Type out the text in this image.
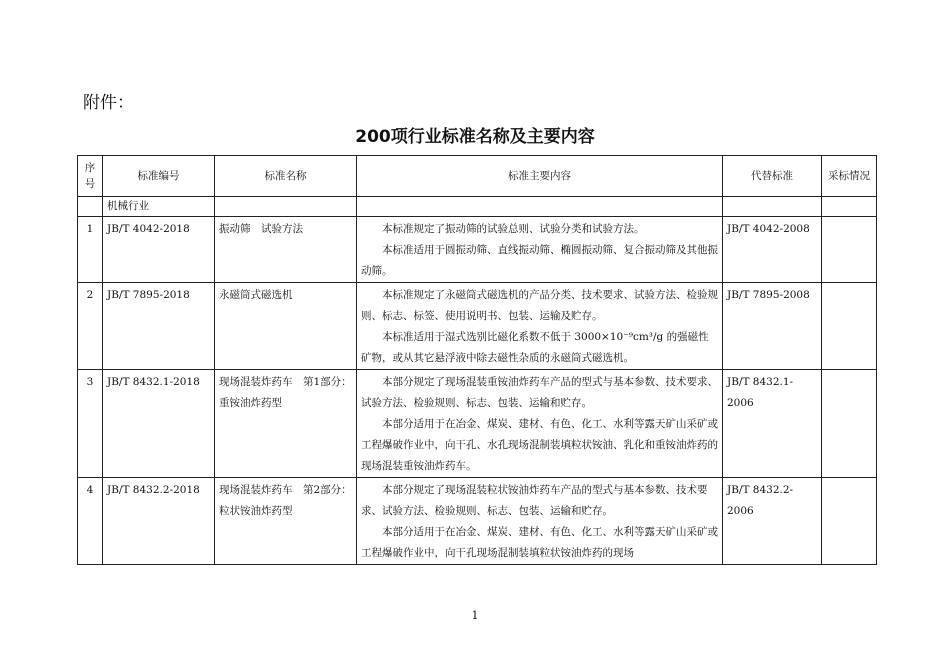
附件：
200项行业标准名称及主要内容
序号	标准编号	标准名称	标准主要内容	代替标准	采标情况
	机械行业				
1	JB/T 4042-2018	振动筛　试验方法	本标准规定了振动筛的试验总则、试验分类和试验方法。

本标准适用于圆振动筛、直线振动筛、椭圆振动筛、复合振动筛及其他振动筛。	JB/T 4042-2008	
2	JB/T 7895-2018	永磁筒式磁选机	本标准规定了永磁筒式磁选机的产品分类、技术要求、试验方法、检验规则、标志、标签、使用说明书、包装、运输及贮存。

本标准适用于湿式选别比磁化系数不低于 3000×10⁻⁹cm³/g 的强磁性矿物，或从其它悬浮液中除去磁性杂质的永磁筒式磁选机。	JB/T 7895-2008	
3	JB/T 8432.1-2018	现场混装炸药车　第1部分：重铵油炸药型	本部分规定了现场混装重铵油炸药车产品的型式与基本参数、技术要求、试验方法、检验规则、标志、包装、运输和贮存。

本部分适用于在冶金、煤炭、建材、有色、化工、水利等露天矿山采矿或工程爆破作业中，向干孔、水孔现场混制装填粒状铵油、乳化和重铵油炸药的现场混装重铵油炸药车。	JB/T 8432.1-2006	
4	JB/T 8432.2-2018	现场混装炸药车　第2部分：粒状铵油炸药型	本部分规定了现场混装粒状铵油炸药车产品的型式与基本参数、技术要求、试验方法、检验规则、标志、包装、运输和贮存。

本部分适用于在冶金、煤炭、建材、有色、化工、水利等露天矿山采矿或工程爆破作业中，向干孔现场混制装填粒状铵油炸药的现场	JB/T 8432.2-2006	
1
